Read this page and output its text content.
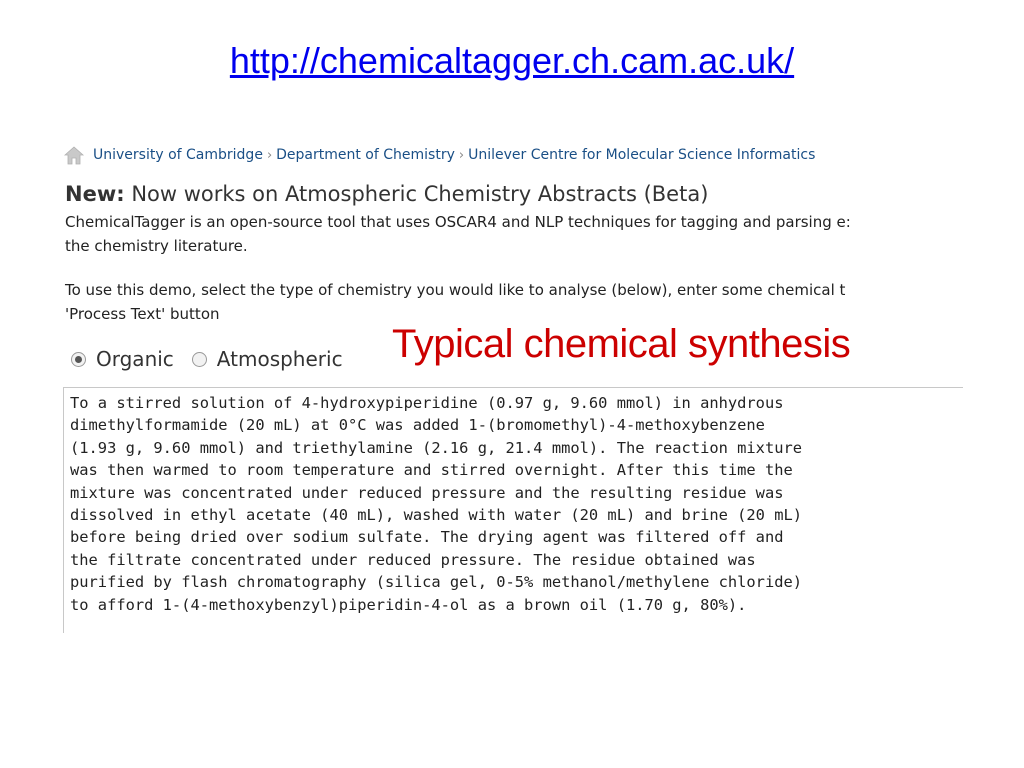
http://chemicaltagger.ch.cam.ac.uk/
University of Cambridge › Department of Chemistry › Unilever Centre for Molecular Science Informatics
New: Now works on Atmospheric Chemistry Abstracts (Beta)
ChemicalTagger is an open-source tool that uses OSCAR4 and NLP techniques for tagging and parsing e:
the chemistry literature.
To use this demo, select the type of chemistry you would like to analyse (below), enter some chemical t
'Process Text' button
Organic Atmospheric
To a stirred solution of 4-hydroxypiperidine (0.97 g, 9.60 mmol) in anhydrous
dimethylformamide (20 mL) at 0°C was added 1-(bromomethyl)-4-methoxybenzene
(1.93 g, 9.60 mmol) and triethylamine (2.16 g, 21.4 mmol). The reaction mixture
was then warmed to room temperature and stirred overnight. After this time the
mixture was concentrated under reduced pressure and the resulting residue was
dissolved in ethyl acetate (40 mL), washed with water (20 mL) and brine (20 mL)
before being dried over sodium sulfate. The drying agent was filtered off and
the filtrate concentrated under reduced pressure. The residue obtained was
purified by flash chromatography (silica gel, 0-5% methanol/methylene chloride)
to afford 1-(4-methoxybenzyl)piperidin-4-ol as a brown oil (1.70 g, 80%).
Typical chemical synthesis
